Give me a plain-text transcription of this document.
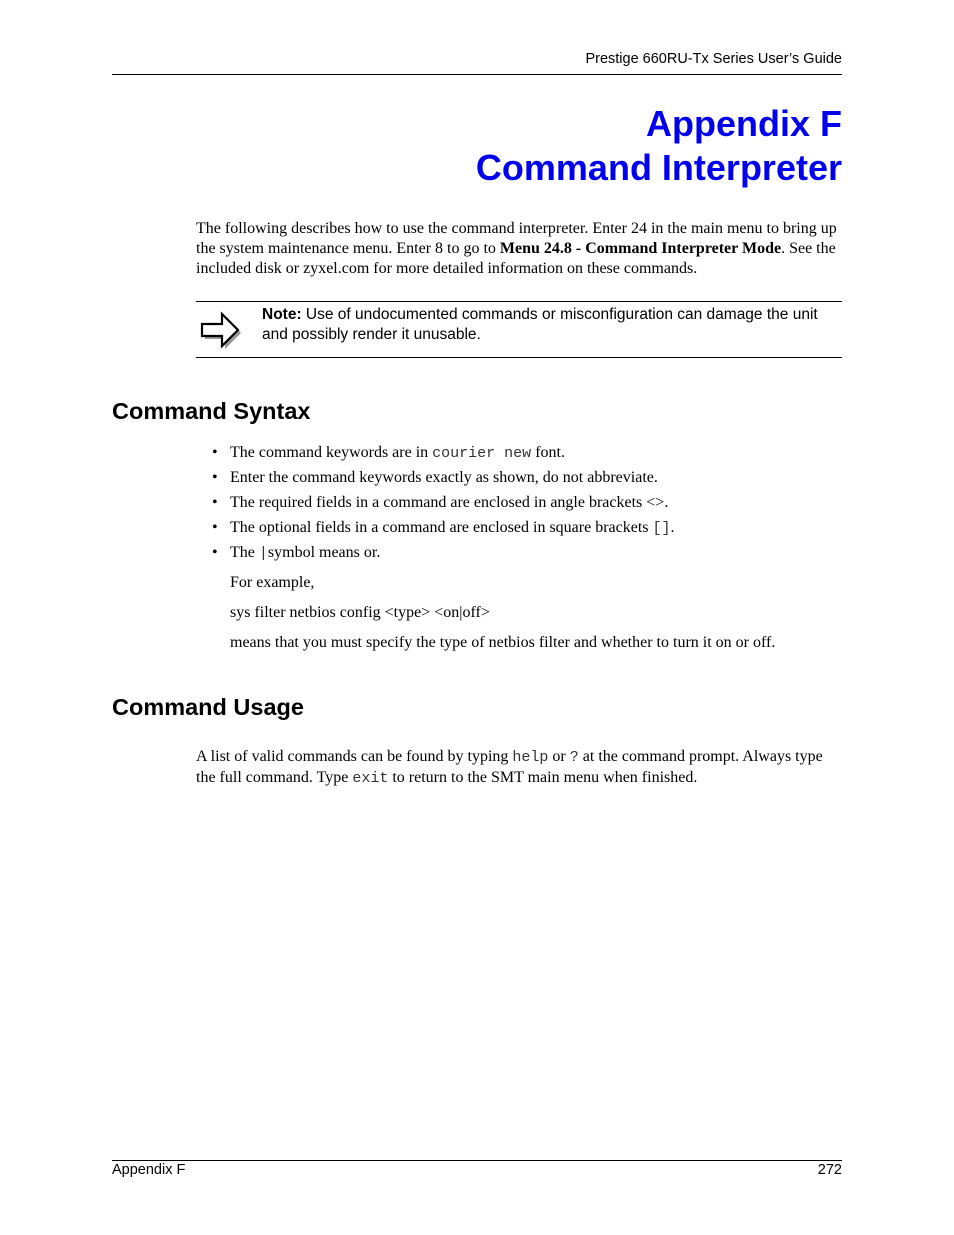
Prestige 660RU-Tx Series User’s Guide
Appendix F
Command Interpreter
The following describes how to use the command interpreter. Enter 24 in the main menu to bring up the system maintenance menu. Enter 8 to go to Menu 24.8 - Command Interpreter Mode. See the included disk or zyxel.com for more detailed information on these commands.
Note: Use of undocumented commands or misconfiguration can damage the unit and possibly render it unusable.
Command Syntax
• The command keywords are in courier new font.
• Enter the command keywords exactly as shown, do not abbreviate.
• The required fields in a command are enclosed in angle brackets <>.
• The optional fields in a command are enclosed in square brackets [].
• The |symbol means or.
For example,
sys filter netbios config <type> <on|off>
means that you must specify the type of netbios filter and whether to turn it on or off.
Command Usage
A list of valid commands can be found by typing help or ? at the command prompt. Always type the full command. Type exit to return to the SMT main menu when finished.
Appendix F	272
